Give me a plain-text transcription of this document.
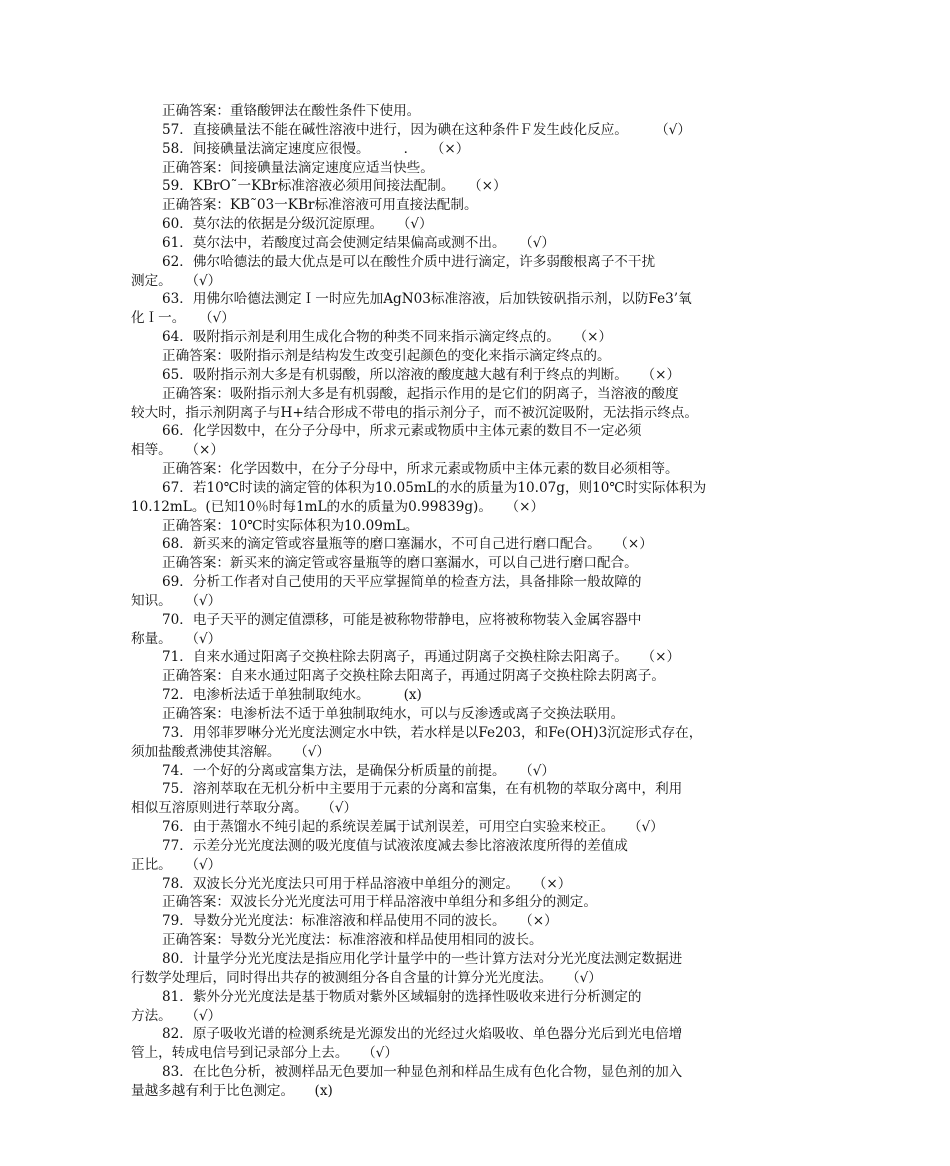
正确答案：重铬酸钾法在酸性条件下使用。
57．直接碘量法不能在碱性溶液中进行，因为碘在这种条件Ｆ发生歧化反应。　　　（√）
58．间接碘量法滴定速度应很慢。　　　．　　（×）
正确答案：间接碘量法滴定速度应适当快些。
59．KBrO˜一KBr标准溶液必须用间接法配制。　　（×）
正确答案：KB˜03一KBr标准溶液可用直接法配制。
60．莫尔法的依据是分级沉淀原理。　　（√）
61．莫尔法中，若酸度过高会使测定结果偏高或测不出。　　（√）
62．佛尔哈德法的最大优点是可以在酸性介质中进行滴定，许多弱酸根离子不干扰
测定。　　（√）
63．用佛尔哈德法测定Ｉ一时应先加AgN03标准溶液，后加铁铵矾指示剂，以防Fe3’氧
化Ｉ一。　　（√）
64．吸附指示剂是利用生成化合物的种类不同来指示滴定终点的。　　（×）
正确答案：吸附指示剂是结构发生改变引起颜色的变化来指示滴定终点的。
65．吸附指示剂大多是有机弱酸，所以溶液的酸度越大越有利于终点的判断。　　（×）
正确答案：吸附指示剂大多是有机弱酸，起指示作用的是它们的阴离子，当溶液的酸度
较大时，指示剂阴离子与H+结合形成不带电的指示剂分子，而不被沉淀吸附，无法指示终点。
66．化学因数中，在分子分母中，所求元素或物质中主体元素的数目不一定必须
相等。　　（×）
正确答案：化学因数中，在分子分母中，所求元素或物质中主体元素的数目必须相等。
67．若10℃时读的滴定管的体积为10.05mL的水的质量为10.07g，则10℃时实际体积为
10.12mL。(已知10％时每1mL的水的质量为0.99839g)。　　（×）
正确答案：10℃时实际体积为10.09mL。
68．新买来的滴定管或容量瓶等的磨口塞漏水，不可自己进行磨口配合。　　（×）
正确答案：新买来的滴定管或容量瓶等的磨口塞漏水，可以自己进行磨口配合。
69．分析工作者对自己使用的天平应掌握简单的检查方法，具备排除一般故障的
知识。　　（√）
70．电子天平的测定值漂移，可能是被称物带静电，应将被称物装入金属容器中
称量。　　（√）
71．自来水通过阳离子交换柱除去阴离子，再通过阴离子交换柱除去阳离子。　　（×）
正确答案：自来水通过阳离子交换柱除去阳离子，再通过阴离子交换柱除去阴离子。
72．电渗析法适于单独制取纯水。　　　(x)
正确答案：电渗析法不适于单独制取纯水，可以与反渗透或离子交换法联用。
73．用邻菲罗啉分光光度法测定水中铁，若水样是以Fe203，和Fe(OH)3沉淀形式存在，
须加盐酸煮沸使其溶解。　　（√）
74．一个好的分离或富集方法，是确保分析质量的前提。　　（√）
75．溶剂萃取在无机分析中主要用于元素的分离和富集，在有机物的萃取分离中，利用
相似互溶原则进行萃取分离。　　（√）
76．由于蒸馏水不纯引起的系统误差属于试剂误差，可用空白实验来校正。　　（√）
77．示差分光光度法测的吸光度值与试液浓度减去参比溶液浓度所得的差值成
正比。　　（√）
78．双波长分光光度法只可用于样品溶液中单组分的测定。　　（×）
正确答案：双波长分光光度法可用于样品溶液中单组分和多组分的测定。
79．导数分光光度法：标准溶液和样品使用不同的波长。　　（×）
正确答案：导数分光光度法：标准溶液和样品使用相同的波长。
80．计量学分光光度法是指应用化学计量学中的一些计算方法对分光光度法测定数据进
行数学处理后，同时得出共存的被测组分各自含量的计算分光光度法。　　（√）
81．紫外分光光度法是基于物质对紫外区域辐射的选择性吸收来进行分析测定的
方法。　　（√）
82．原子吸收光谱的检测系统是光源发出的光经过火焰吸收、单色器分光后到光电倍增
管上，转成电信号到记录部分上去。　　（√）
83．在比色分析，被测样品无色要加一种显色剂和样品生成有色化合物，显色剂的加入
量越多越有利于比色测定。　　(x)
